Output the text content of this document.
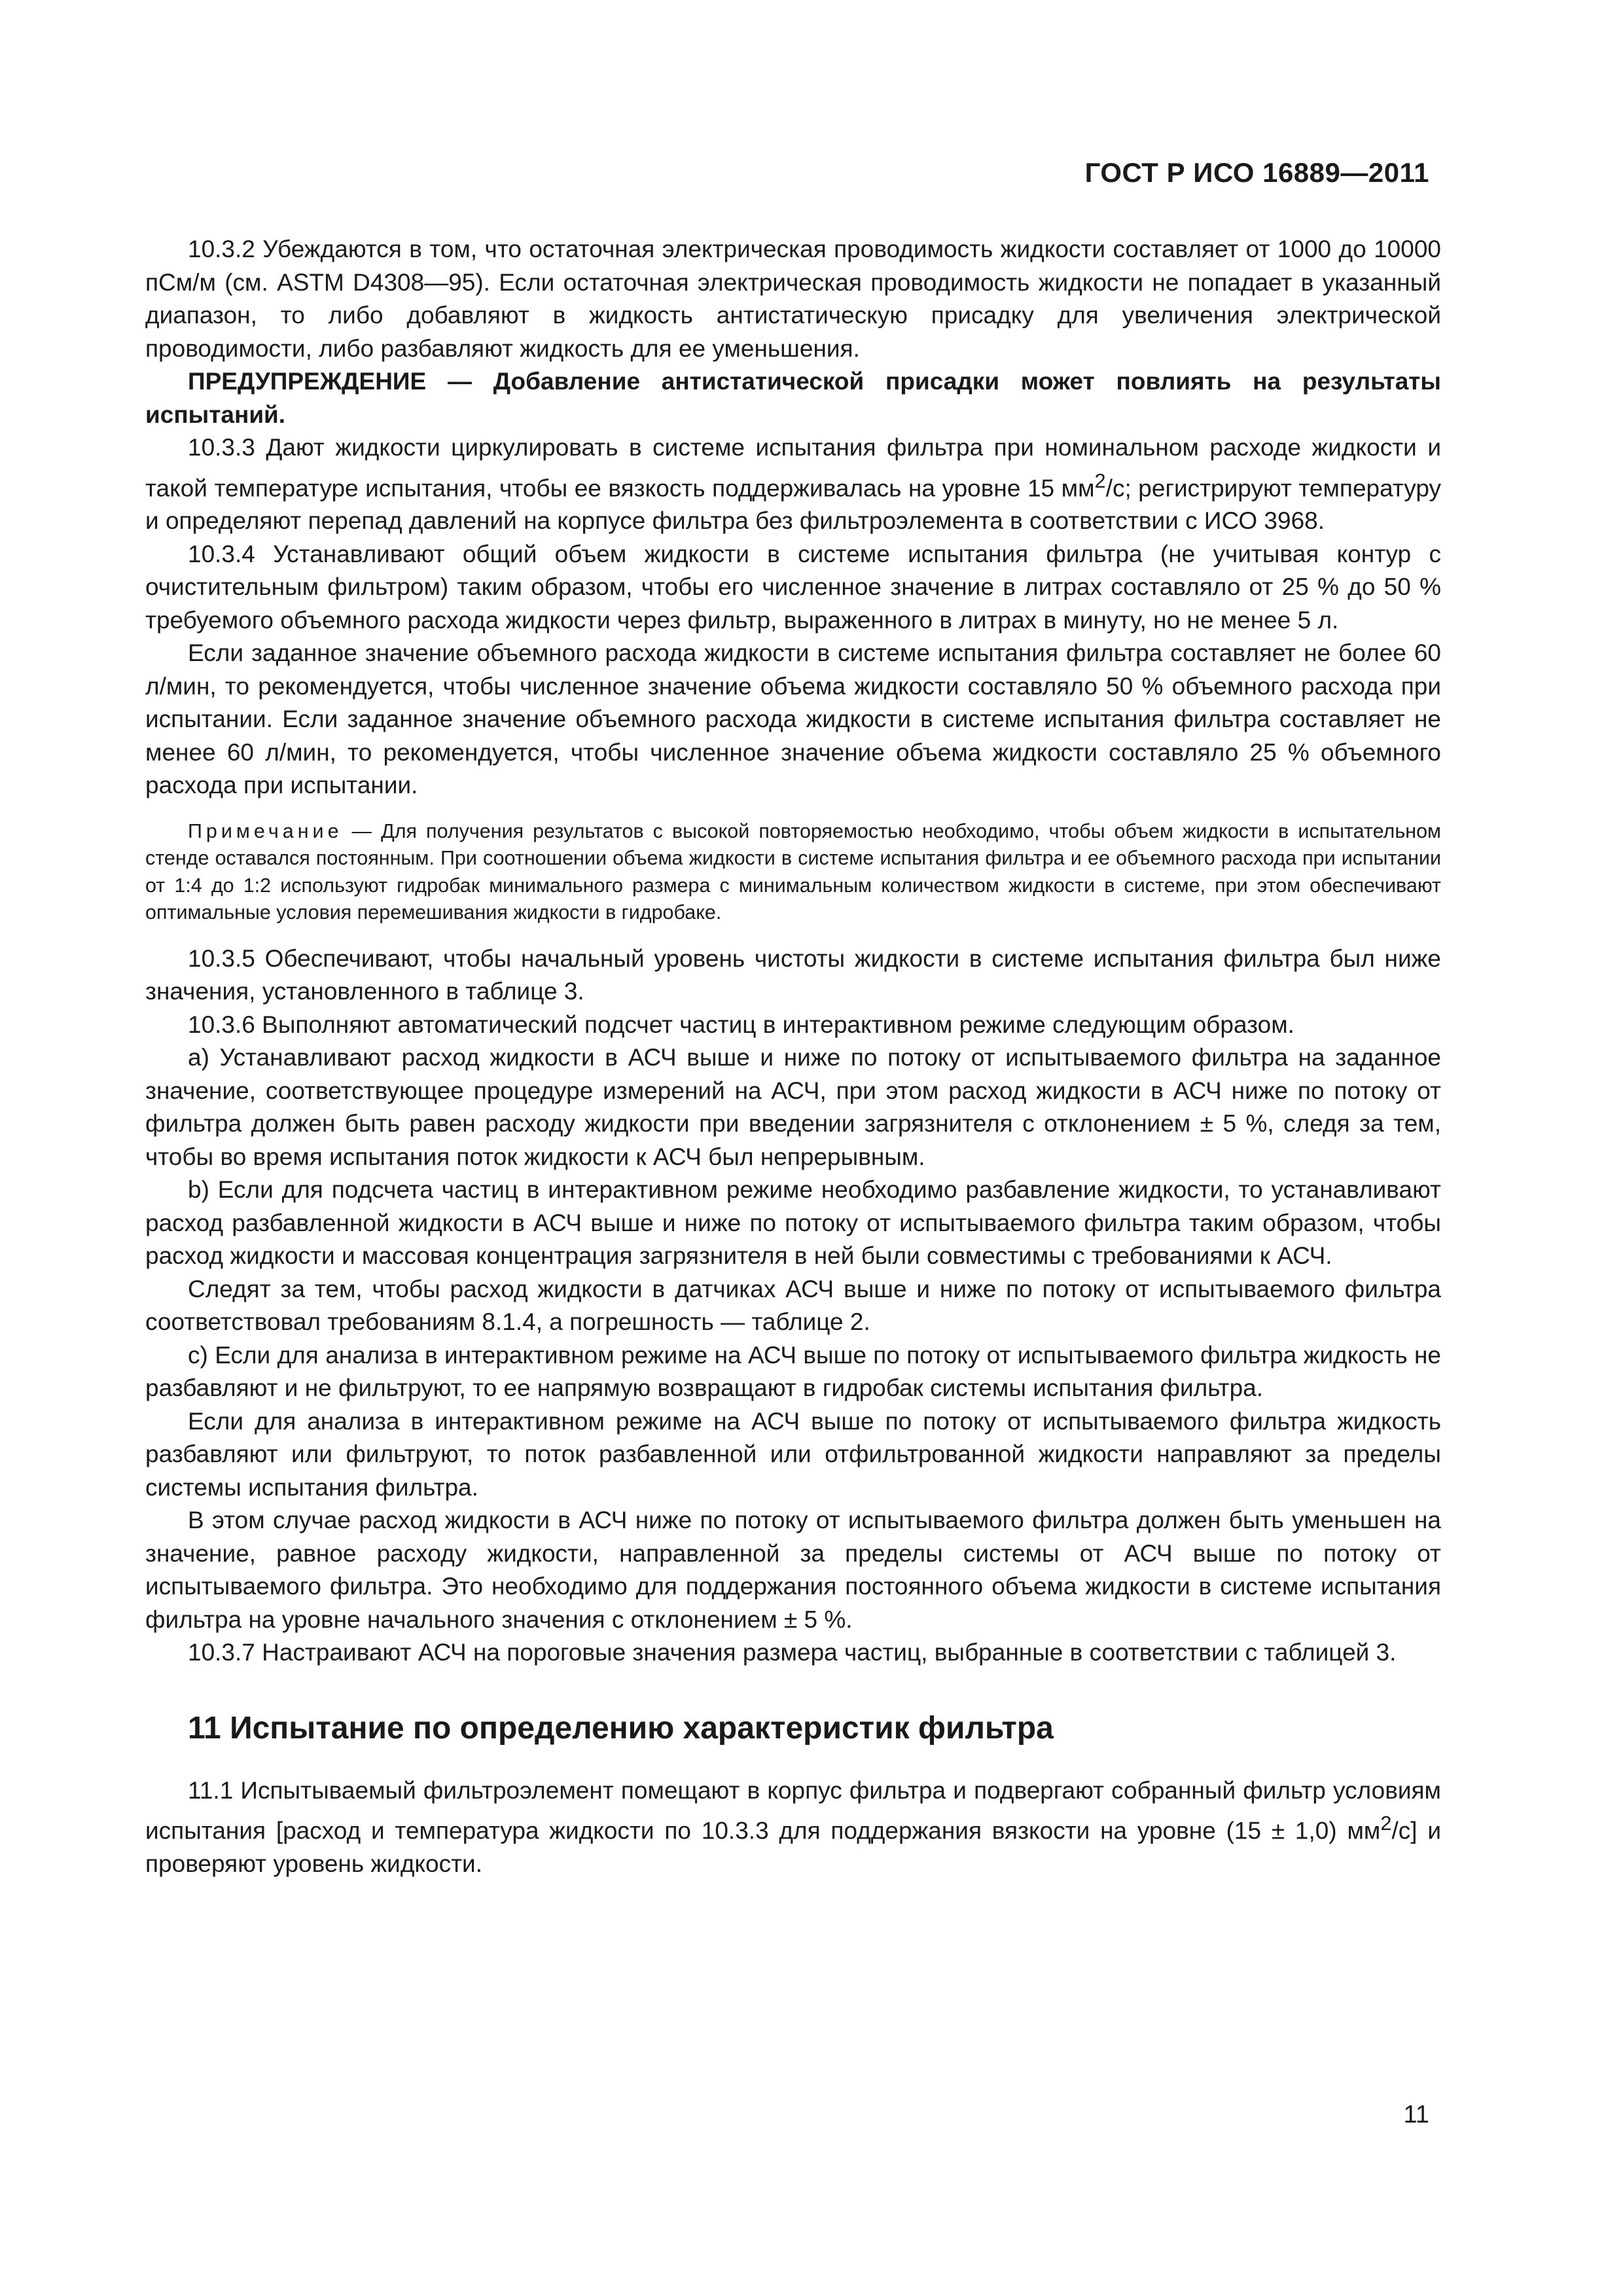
ГОСТ Р ИСО 16889—2011

10.3.2 Убеждаются в том, что остаточная электрическая проводимость жидкости составляет от 1000 до 10000 пСм/м (см. ASTM D4308—95). Если остаточная электрическая проводимость жидкости не попадает в указанный диапазон, то либо добавляют в жидкость антистатическую присадку для увеличения электрической проводимости, либо разбавляют жидкость для ее уменьшения.

ПРЕДУПРЕЖДЕНИЕ — Добавление антистатической присадки может повлиять на результаты испытаний.

10.3.3 Дают жидкости циркулировать в системе испытания фильтра при номинальном расходе жидкости и такой температуре испытания, чтобы ее вязкость поддерживалась на уровне 15 $мм^2/с$; регистрируют температуру и определяют перепад давлений на корпусе фильтра без фильтроэлемента в соответствии с ИСО 3968.

10.3.4 Устанавливают общий объем жидкости в системе испытания фильтра (не учитывая контур с очистительным фильтром) таким образом, чтобы его численное значение в литрах составляло от 25 % до 50 % требуемого объемного расхода жидкости через фильтр, выраженного в литрах в минуту, но не менее 5 л.

Если заданное значение объемного расхода жидкости в системе испытания фильтра составляет не более 60 л/мин, то рекомендуется, чтобы численное значение объема жидкости составляло 50 % объемного расхода при испытании. Если заданное значение объемного расхода жидкости в системе испытания фильтра составляет не менее 60 л/мин, то рекомендуется, чтобы численное значение объема жидкости составляло 25 % объемного расхода при испытании.

Примечание — Для получения результатов с высокой повторяемостью необходимо, чтобы объем жидкости в испытательном стенде оставался постоянным. При соотношении объема жидкости в системе испытания фильтра и ее объемного расхода при испытании от 1:4 до 1:2 используют гидробак минимального размера с минимальным количеством жидкости в системе, при этом обеспечивают оптимальные условия перемешивания жидкости в гидробаке.

10.3.5 Обеспечивают, чтобы начальный уровень чистоты жидкости в системе испытания фильтра был ниже значения, установленного в таблице 3.

10.3.6 Выполняют автоматический подсчет частиц в интерактивном режиме следующим образом.

a) Устанавливают расход жидкости в АСЧ выше и ниже по потоку от испытываемого фильтра на заданное значение, соответствующее процедуре измерений на АСЧ, при этом расход жидкости в АСЧ ниже по потоку от фильтра должен быть равен расходу жидкости при введении загрязнителя с отклонением ± 5 %, следя за тем, чтобы во время испытания поток жидкости к АСЧ был непрерывным.

b) Если для подсчета частиц в интерактивном режиме необходимо разбавление жидкости, то устанавливают расход разбавленной жидкости в АСЧ выше и ниже по потоку от испытываемого фильтра таким образом, чтобы расход жидкости и массовая концентрация загрязнителя в ней были совместимы с требованиями к АСЧ.

Следят за тем, чтобы расход жидкости в датчиках АСЧ выше и ниже по потоку от испытываемого фильтра соответствовал требованиям 8.1.4, а погрешность — таблице 2.

c) Если для анализа в интерактивном режиме на АСЧ выше по потоку от испытываемого фильтра жидкость не разбавляют и не фильтруют, то ее напрямую возвращают в гидробак системы испытания фильтра.

Если для анализа в интерактивном режиме на АСЧ выше по потоку от испытываемого фильтра жидкость разбавляют или фильтруют, то поток разбавленной или отфильтрованной жидкости направляют за пределы системы испытания фильтра.

В этом случае расход жидкости в АСЧ ниже по потоку от испытываемого фильтра должен быть уменьшен на значение, равное расходу жидкости, направленной за пределы системы от АСЧ выше по потоку от испытываемого фильтра. Это необходимо для поддержания постоянного объема жидкости в системе испытания фильтра на уровне начального значения с отклонением ± 5 %.

10.3.7 Настраивают АСЧ на пороговые значения размера частиц, выбранные в соответствии с таблицей 3.

11 Испытание по определению характеристик фильтра

11.1 Испытываемый фильтроэлемент помещают в корпус фильтра и подвергают собранный фильтр условиям испытания [расход и температура жидкости по 10.3.3 для поддержания вязкости на уровне (15 ± 1,0) $мм^2/с$] и проверяют уровень жидкости.

11
